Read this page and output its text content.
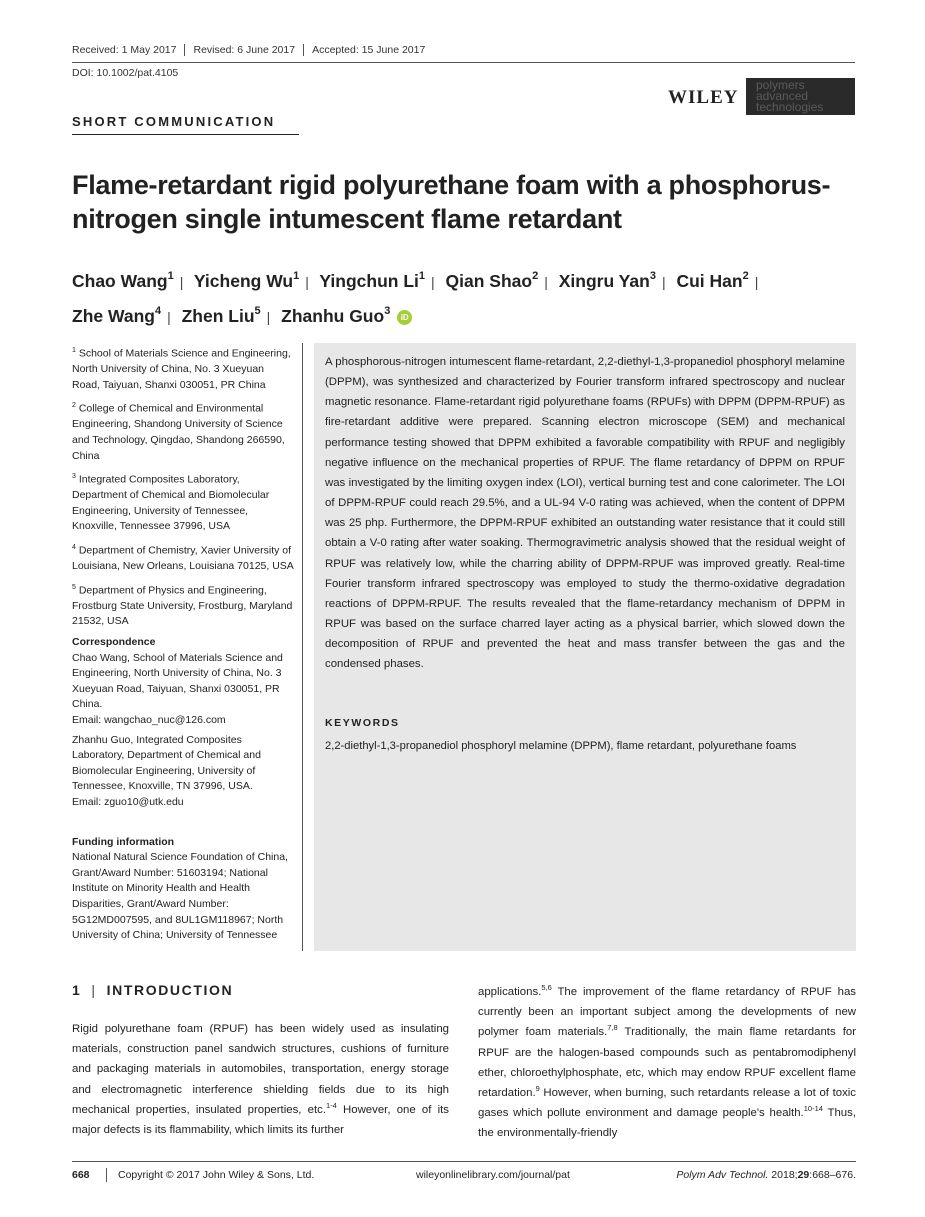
Received: 1 May 2017	Revised: 6 June 2017	Accepted: 15 June 2017
DOI: 10.1002/pat.4105
WILEY
polymers
advanced
technologies
SHORT COMMUNICATION
Flame-retardant rigid polyurethane foam with a phosphorus-nitrogen single intumescent flame retardant
Chao Wang$^1$ | Yicheng Wu$^1$ | Yingchun Li$^1$ | Qian Shao$^2$ | Xingru Yan$^3$ | Cui Han$^2$ |
Zhe Wang$^4$ | Zhen Liu$^5$ | Zhanhu Guo$^3$ iD
$^1$ School of Materials Science and Engineering, North University of China, No. 3 Xueyuan Road, Taiyuan, Shanxi 030051, PR China
$^2$ College of Chemical and Environmental Engineering, Shandong University of Science and Technology, Qingdao, Shandong 266590, China
$^3$ Integrated Composites Laboratory, Department of Chemical and Biomolecular Engineering, University of Tennessee, Knoxville, Tennessee 37996, USA
$^4$ Department of Chemistry, Xavier University of Louisiana, New Orleans, Louisiana 70125, USA
$^5$ Department of Physics and Engineering, Frostburg State University, Frostburg, Maryland 21532, USA
Correspondence
Chao Wang, School of Materials Science and Engineering, North University of China, No. 3 Xueyuan Road, Taiyuan, Shanxi 030051, PR China.
Email: wangchao_nuc@126.com
Zhanhu Guo, Integrated Composites Laboratory, Department of Chemical and Biomolecular Engineering, University of Tennessee, Knoxville, TN 37996, USA.
Email: zguo10@utk.edu
Funding information
National Natural Science Foundation of China, Grant/Award Number: 51603194; National Institute on Minority Health and Health Disparities, Grant/Award Number: 5G12MD007595, and 8UL1GM118967; North University of China; University of Tennessee

A phosphorous-nitrogen intumescent flame-retardant, 2,2-diethyl-1,3-propanediol phosphoryl melamine (DPPM), was synthesized and characterized by Fourier transform infrared spectroscopy and nuclear magnetic resonance. Flame-retardant rigid polyurethane foams (RPUFs) with DPPM (DPPM-RPUF) as fire-retardant additive were prepared. Scanning electron microscope (SEM) and mechanical performance testing showed that DPPM exhibited a favorable compatibility with RPUF and negligibly negative influence on the mechanical properties of RPUF. The flame retardancy of DPPM on RPUF was investigated by the limiting oxygen index (LOI), vertical burning test and cone calorimeter. The LOI of DPPM-RPUF could reach 29.5%, and a UL-94 V-0 rating was achieved, when the content of DPPM was 25 php. Furthermore, the DPPM-RPUF exhibited an outstanding water resistance that it could still obtain a V-0 rating after water soaking. Thermogravimetric analysis showed that the residual weight of RPUF was relatively low, while the charring ability of DPPM-RPUF was improved greatly. Real-time Fourier transform infrared spectroscopy was employed to study the thermo-oxidative degradation reactions of DPPM-RPUF. The results revealed that the flame-retardancy mechanism of DPPM in RPUF was based on the surface charred layer acting as a physical barrier, which slowed down the decomposition of RPUF and prevented the heat and mass transfer between the gas and the condensed phases.

KEYWORDS
2,2-diethyl-1,3-propanediol phosphoryl melamine (DPPM), flame retardant, polyurethane foams
1 | INTRODUCTION

Rigid polyurethane foam (RPUF) has been widely used as insulating materials, construction panel sandwich structures, cushions of furniture and packaging materials in automobiles, transportation, energy storage and electromagnetic interference shielding fields due to its high mechanical properties, insulated properties, etc.$^{1-4}$ However, one of its major defects is its flammability, which limits its further

applications.$^{5,6}$ The improvement of the flame retardancy of RPUF has currently been an important subject among the developments of new polymer foam materials.$^{7,8}$ Traditionally, the main flame retardants for RPUF are the halogen-based compounds such as pentabromodiphenyl ether, chloroethylphosphate, etc, which may endow RPUF excellent flame retardation.$^9$ However, when burning, such retardants release a lot of toxic gases which pollute environment and damage people's health.$^{10-14}$ Thus, the environmentally-friendly

668	Copyright © 2017 John Wiley & Sons, Ltd.	wileyonlinelibrary.com/journal/pat	Polym Adv Technol. 2018;29:668–676.
